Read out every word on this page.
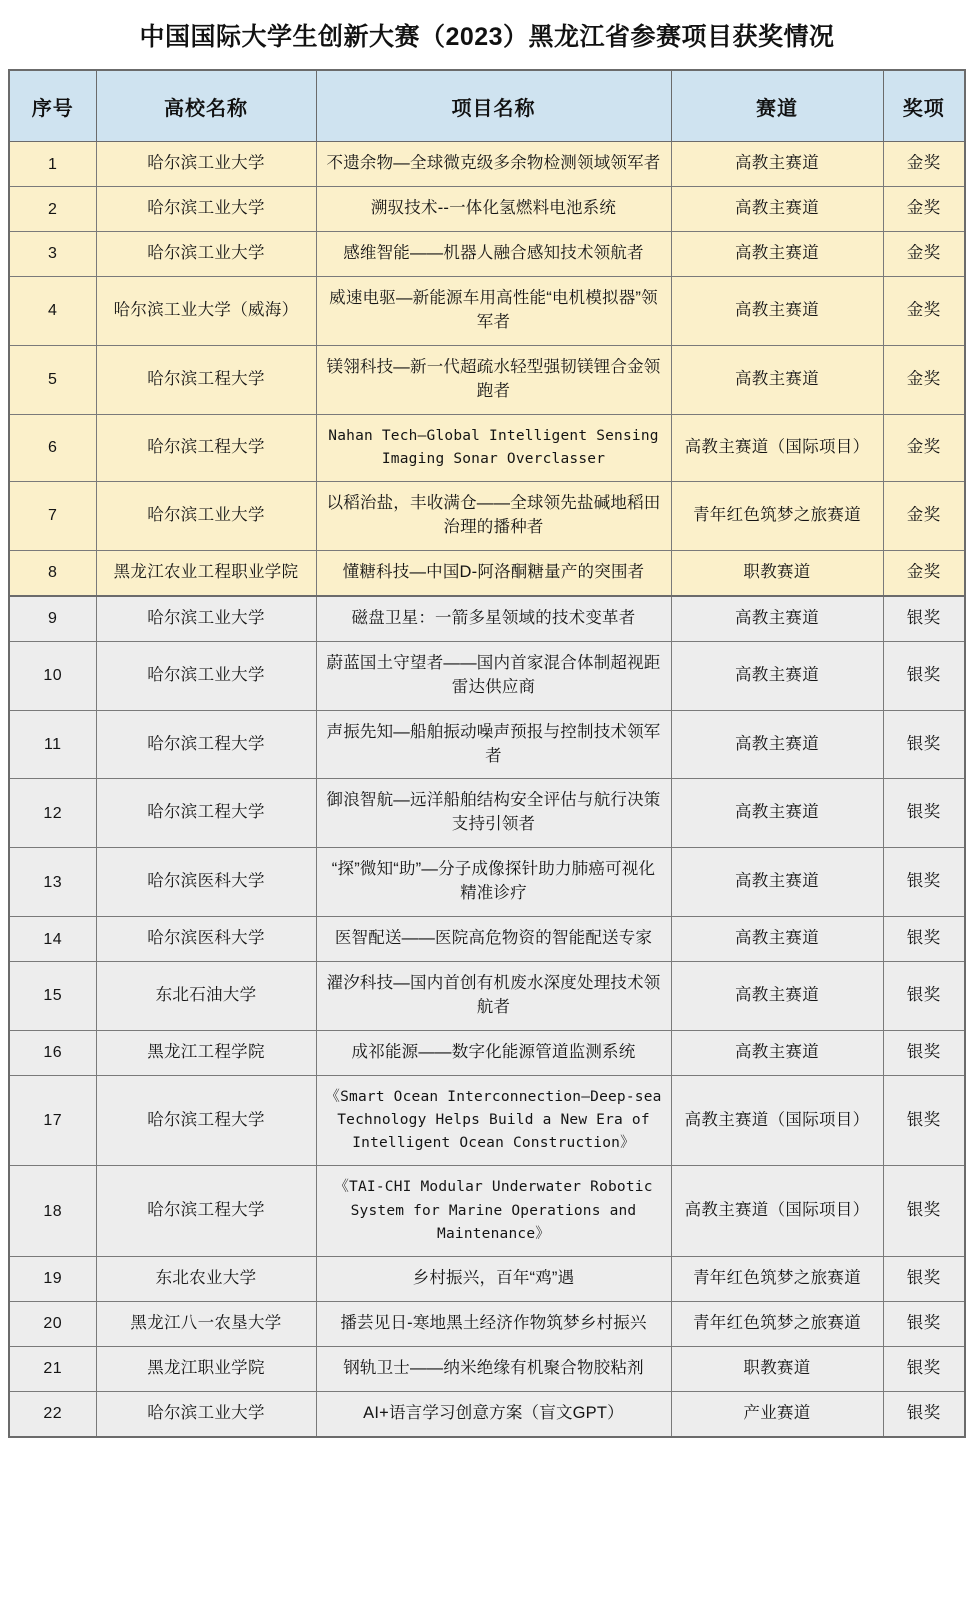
中国国际大学生创新大赛（2023）黑龙江省参赛项目获奖情况
序号	高校名称	项目名称	赛道	奖项
1	哈尔滨工业大学	不遗余物—全球微克级多余物检测领域领军者	高教主赛道	金奖
2	哈尔滨工业大学	溯驭技术--一体化氢燃料电池系统	高教主赛道	金奖
3	哈尔滨工业大学	感维智能——机器人融合感知技术领航者	高教主赛道	金奖
4	哈尔滨工业大学（威海）	威速电驱—新能源车用高性能“电机模拟器”领军者	高教主赛道	金奖
5	哈尔滨工程大学	镁翎科技—新一代超疏水轻型强韧镁锂合金领跑者	高教主赛道	金奖
6	哈尔滨工程大学	Nahan Tech—Global Intelligent Sensing Imaging Sonar Overclasser	高教主赛道（国际项目）	金奖
7	哈尔滨工业大学	以稻治盐，丰收满仓——全球领先盐碱地稻田治理的播种者	青年红色筑梦之旅赛道	金奖
8	黑龙江农业工程职业学院	懂糖科技—中国D-阿洛酮糖量产的突围者	职教赛道	金奖
9	哈尔滨工业大学	磁盘卫星：一箭多星领域的技术变革者	高教主赛道	银奖
10	哈尔滨工业大学	蔚蓝国土守望者——国内首家混合体制超视距雷达供应商	高教主赛道	银奖
11	哈尔滨工程大学	声振先知—船舶振动噪声预报与控制技术领军者	高教主赛道	银奖
12	哈尔滨工程大学	御浪智航—远洋船舶结构安全评估与航行决策支持引领者	高教主赛道	银奖
13	哈尔滨医科大学	“探”微知“助”—分子成像探针助力肺癌可视化精准诊疗	高教主赛道	银奖
14	哈尔滨医科大学	医智配送——医院高危物资的智能配送专家	高教主赛道	银奖
15	东北石油大学	濯汐科技—国内首创有机废水深度处理技术领航者	高教主赛道	银奖
16	黑龙江工程学院	成祁能源——数字化能源管道监测系统	高教主赛道	银奖
17	哈尔滨工程大学	《Smart Ocean Interconnection—Deep-sea Technology Helps Build a New Era of Intelligent Ocean Construction》	高教主赛道（国际项目）	银奖
18	哈尔滨工程大学	《TAI-CHI Modular Underwater Robotic System for Marine Operations and Maintenance》	高教主赛道（国际项目）	银奖
19	东北农业大学	乡村振兴，百年“鸡”遇	青年红色筑梦之旅赛道	银奖
20	黑龙江八一农垦大学	播芸见日-寒地黑土经济作物筑梦乡村振兴	青年红色筑梦之旅赛道	银奖
21	黑龙江职业学院	钢轨卫士——纳米绝缘有机聚合物胶粘剂	职教赛道	银奖
22	哈尔滨工业大学	AI+语言学习创意方案（盲文GPT）	产业赛道	银奖
